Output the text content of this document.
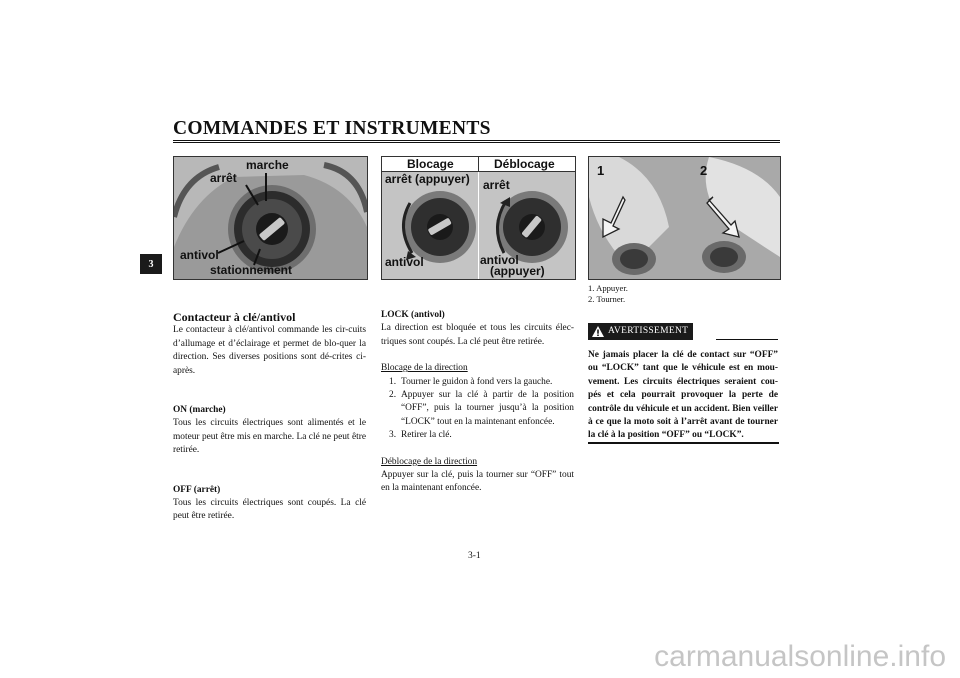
COMMANDES ET INSTRUMENTS
3
marche
arrêt
antivol
stationnement
Blocage	Déblocage
arrêt (appuyer)
antivol
arrêt
antivol
(appuyer)
1	2
1. Appuyer.
2. Tourner.

Contacteur à clé/antivol

Le contacteur à clé/antivol commande les cir-cuits d’allumage et d’éclairage et permet de blo-quer la direction. Ses diverses positions sont dé-crites ci-après.

ON (marche)

Tous les circuits électriques sont alimentés et le moteur peut être mis en marche. La clé ne peut être retirée.

OFF (arrêt)

Tous les circuits électriques sont coupés. La clé peut être retirée.

LOCK (antivol)

La direction est bloquée et tous les circuits élec-triques sont coupés. La clé peut être retirée.

Blocage de la direction

1. Tourner le guidon à fond vers la gauche.
2. Appuyer sur la clé à partir de la position “OFF”, puis la tourner jusqu’à la position “LOCK” tout en la maintenant enfoncée.
3. Retirer la clé.

Déblocage de la direction

Appuyer sur la clé, puis la tourner sur “OFF” tout en la maintenant enfoncée.

AVERTISSEMENT
Ne jamais placer la clé de contact sur “OFF” ou “LOCK” tant que le véhicule est en mou-vement. Les circuits électriques seraient cou-pés et cela pourrait provoquer la perte de contrôle du véhicule et un accident. Bien veiller à ce que la moto soit à l’arrêt avant de tourner la clé à la position “OFF” ou “LOCK”.
3-1
carmanualsonline.info
